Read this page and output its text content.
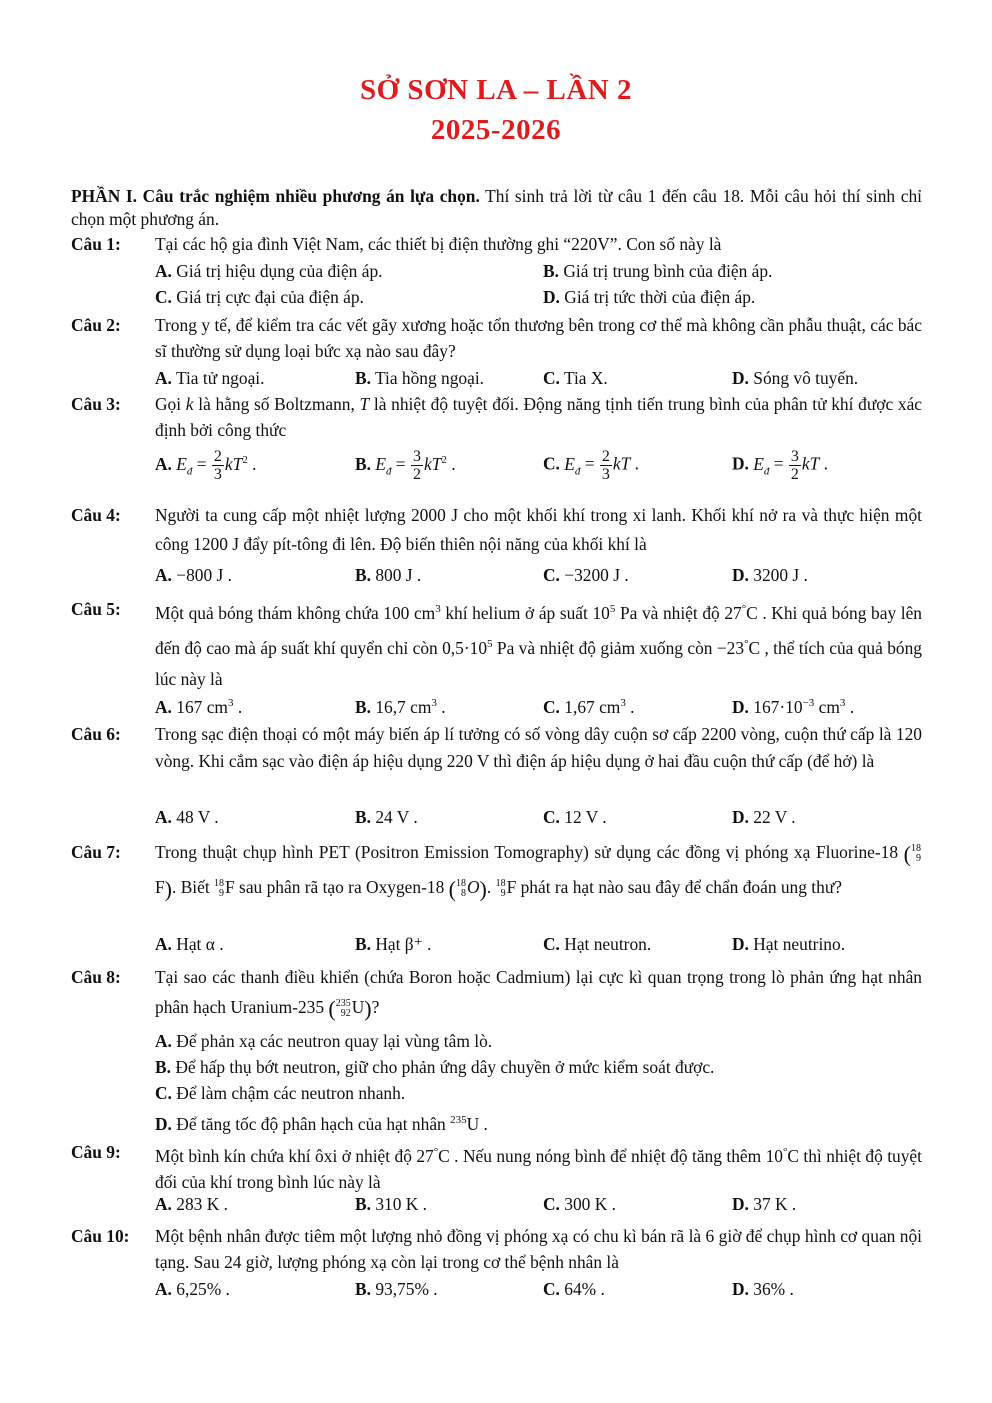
SỞ SƠN LA – LẦN 2
2025-2026
PHẦN I. Câu trắc nghiệm nhiều phương án lựa chọn. Thí sinh trả lời từ câu 1 đến câu 18. Mỗi câu hỏi thí sinh chỉ chọn một phương án.
Câu 1: Tại các hộ gia đình Việt Nam, các thiết bị điện thường ghi “220V”. Con số này là
A. Giá trị hiệu dụng của điện áp.	B. Giá trị trung bình của điện áp.
C. Giá trị cực đại của điện áp.	D. Giá trị tức thời của điện áp.
Câu 2: Trong y tế, để kiểm tra các vết gãy xương hoặc tổn thương bên trong cơ thể mà không cần phẫu thuật, các bác sĩ thường sử dụng loại bức xạ nào sau đây?
A. Tia tử ngoại.	B. Tia hồng ngoại.	C. Tia X.	D. Sóng vô tuyến.
Câu 3: Gọi k là hằng số Boltzmann, T là nhiệt độ tuyệt đối. Động năng tịnh tiến trung bình của phân tử khí được xác định bởi công thức
A. $E_đ = \frac{2}{3} kT^2$ .	B. $E_đ = \frac{3}{2} kT^2$ .	C. $E_đ = \frac{2}{3}$ kT .	D. $E_đ = \frac{3}{2}$ kT .
Câu 4: Người ta cung cấp một nhiệt lượng 2000 J cho một khối khí trong xi lanh. Khối khí nở ra và thực hiện một công 1200 J đẩy pít-tông đi lên. Độ biến thiên nội năng của khối khí là
A. −800 J .	B. 800 J .	C. −3200 J .	D. 3200 J .
Câu 5: Một quả bóng thám không chứa 100 $cm^3$ khí helium ở áp suất $10^5$ Pa và nhiệt độ 27°C . Khi quả bóng bay lên đến độ cao mà áp suất khí quyển chỉ còn $0,5\cdot 10^5$ Pa và nhiệt độ giảm xuống còn −23°C , thể tích của quả bóng lúc này là
A. 167 $cm^3$ .	B. 16,7 $cm^3$ .	C. 1,67 $cm^3$ .	D. $167\cdot 10^{-3}$ $cm^3$ .
Câu 6: Trong sạc điện thoại có một máy biến áp lí tưởng có số vòng dây cuộn sơ cấp 2200 vòng, cuộn thứ cấp là 120 vòng. Khi cắm sạc vào điện áp hiệu dụng 220 V thì điện áp hiệu dụng ở hai đầu cuộn thứ cấp (để hở) là
A. 48 V .	B. 24 V .	C. 12 V .	D. 22 V .
Câu 7: Trong thuật chụp hình PET (Positron Emission Tomography) sử dụng các đồng vị phóng xạ Fluorine-18 ( 18
9
F). Biết 18
9 F sau phân rã tạo ra Oxygen-18 ( 18
8 O). 18
9 F phát ra hạt nào sau đây để chẩn đoán ung thư?
A. Hạt α .	B. Hạt β⁺ .	C. Hạt neutron.	D. Hạt neutrino.
Câu 8: Tại sao các thanh điều khiển (chứa Boron hoặc Cadmium) lại cực kì quan trọng trong lò phản ứng hạt nhân phân hạch Uranium-235 ( 235
92 U)?
A. Để phản xạ các neutron quay lại vùng tâm lò.
B. Để hấp thụ bớt neutron, giữ cho phản ứng dây chuyền ở mức kiểm soát được.
C. Để làm chậm các neutron nhanh.
D. Để tăng tốc độ phân hạch của hạt nhân $^{235}$U .
Câu 9: Một bình kín chứa khí ôxi ở nhiệt độ 27°C . Nếu nung nóng bình để nhiệt độ tăng thêm 10°C thì nhiệt độ tuyệt đối của khí trong bình lúc này là
A. 283 K .	B. 310 K .	C. 300 K .	D. 37 K .
Câu 10: Một bệnh nhân được tiêm một lượng nhỏ đồng vị phóng xạ có chu kì bán rã là 6 giờ để chụp hình cơ quan nội tạng. Sau 24 giờ, lượng phóng xạ còn lại trong cơ thể bệnh nhân là
A. 6,25% .	B. 93,75% .	C. 64% .	D. 36% .
